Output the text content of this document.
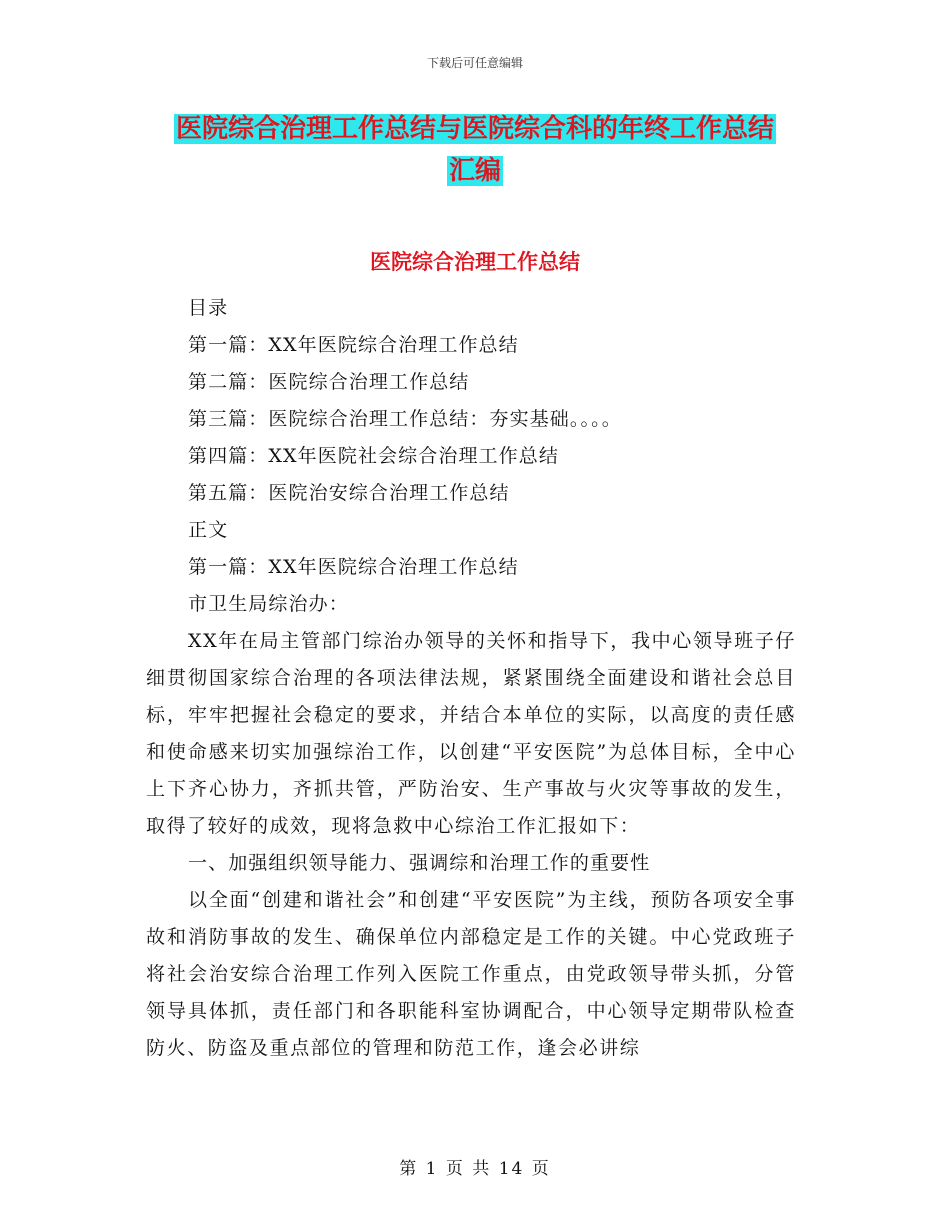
下载后可任意编辑
医院综合治理工作总结与医院综合科的年终工作总结
汇编
医院综合治理工作总结

目录

第一篇：XX年医院综合治理工作总结

第二篇：医院综合治理工作总结

第三篇：医院综合治理工作总结：夯实基础。。。。

第四篇：XX年医院社会综合治理工作总结

第五篇：医院治安综合治理工作总结

正文

第一篇：XX年医院综合治理工作总结

市卫生局综治办：

XX年在局主管部门综治办领导的关怀和指导下，我中心领导班子仔细贯彻国家综合治理的各项法律法规，紧紧围绕全面建设和谐社会总目标，牢牢把握社会稳定的要求，并结合本单位的实际，以高度的责任感和使命感来切实加强综治工作，以创建“平安医院”为总体目标，全中心上下齐心协力，齐抓共管，严防治安、生产事故与火灾等事故的发生，取得了较好的成效，现将急救中心综治工作汇报如下：

一、加强组织领导能力、强调综和治理工作的重要性

以全面“创建和谐社会”和创建“平安医院”为主线，预防各项安全事故和消防事故的发生、确保单位内部稳定是工作的关键。中心党政班子将社会治安综合治理工作列入医院工作重点，由党政领导带头抓，分管领导具体抓，责任部门和各职能科室协调配合，中心领导定期带队检查防火、防盗及重点部位的管理和防范工作，逢会必讲综

第 1 页 共 14 页
